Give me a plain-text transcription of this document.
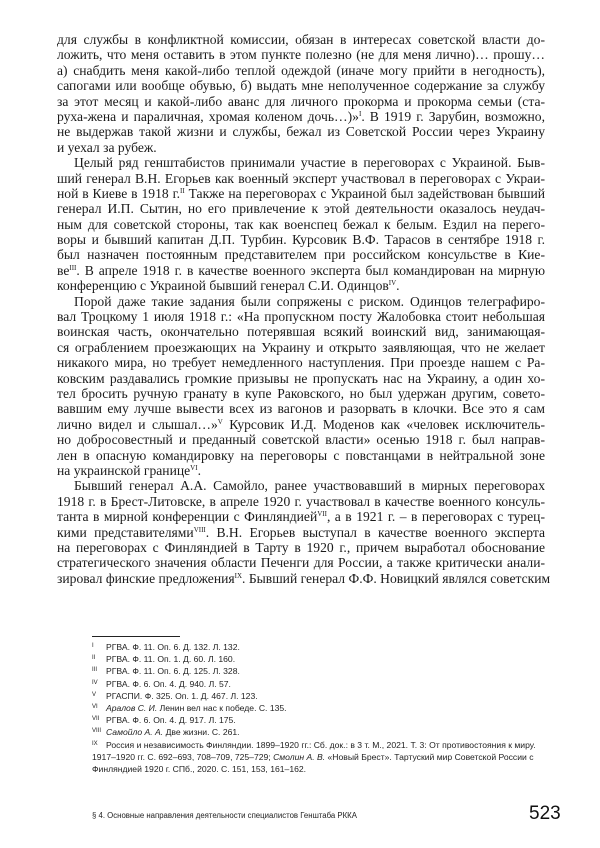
для службы в конфликтной комиссии, обязан в интересах советской власти до-
ложить, что меня оставить в этом пункте полезно (не для меня лично)… прошу…
а) снабдить меня какой-либо теплой одеждой (иначе могу прийти в негодность),
сапогами или вообще обувью, б) выдать мне неполученное содержание за службу
за этот месяц и какой-либо аванс для личного прокорма и прокорма семьи (ста-
руха-жена и параличная, хромая коленом дочь…)»$^I$. В 1919 г. Зарубин, возможно,
не выдержав такой жизни и службы, бежал из Советской России через Украину
и уехал за рубеж.
Целый ряд генштабистов принимали участие в переговорах с Украиной. Быв-
ший генерал В.Н. Егорьев как военный эксперт участвовал в переговорах с Украи-
ной в Киеве в 1918 г.$^{II}$ Также на переговорах с Украиной был задействован бывший
генерал И.П. Сытин, но его привлечение к этой деятельности оказалось неудач-
ным для советской стороны, так как военспец бежал к белым. Ездил на перего-
воры и бывший капитан Д.П. Турбин. Курсовик В.Ф. Тарасов в сентябре 1918 г.
был назначен постоянным представителем при российском консульстве в Кие-
$ве^{III}$. В апреле 1918 г. в качестве военного эксперта был командирован на мирную
конференцию с Украиной бывший генерал С.И. Одинцов$^{IV}$.
Порой даже такие задания были сопряжены с риском. Одинцов телеграфиро-
вал Троцкому 1 июля 1918 г.: «На пропускном посту Жалобовка стоит небольшая
воинская часть, окончательно потерявшая всякий воинский вид, занимающая-
ся ограблением проезжающих на Украину и открыто заявляющая, что не желает
никакого мира, но требует немедленного наступления. При проезде нашем с Ра-
ковским раздавались громкие призывы не пропускать нас на Украину, а один хо-
тел бросить ручную гранату в купе Раковского, но был удержан другим, совето-
вавшим ему лучше вывести всех из вагонов и разорвать в клочки. Все это я сам
лично видел и слышал…»$^V$ Курсовик И.Д. Моденов как «человек исключитель-
но добросовестный и преданный советской власти» осенью 1918 г. был направ-
лен в опасную командировку на переговоры с повстанцами в нейтральной зоне
на украинской границе$^{VI}$.
Бывший генерал А.А. Самойло, ранее участвовавший в мирных переговорах
1918 г. в Брест-Литовске, в апреле 1920 г. участвовал в качестве военного консуль-
танта в мирной конференции с Финляндией$^{VII}$, а в 1921 г. – в переговорах с турец-
кими представителями$^{VIII}$. В.Н. Егорьев выступал в качестве военного эксперта
на переговорах с Финляндией в Тарту в 1920 г., причем выработал обоснование
стратегического значения области Печенги для России, а также критически анали-
зировал финские предложения$^{IX}$. Бывший генерал Ф.Ф. Новицкий являлся советским
I РГВА. Ф. 11. Оп. 6. Д. 132. Л. 132.
II РГВА. Ф. 11. Оп. 1. Д. 60. Л. 160.
III РГВА. Ф. 11. Оп. 6. Д. 125. Л. 328.
IV РГВА. Ф. 6. Оп. 4. Д. 940. Л. 57.
V РГАСПИ. Ф. 325. Оп. 1. Д. 467. Л. 123.
VI Аралов С. И. Ленин вел нас к победе. С. 135.
VII РГВА. Ф. 6. Оп. 4. Д. 917. Л. 175.
VIII Самойло А. А. Две жизни. С. 261.
IX Россия и независимость Финляндии. 1899–1920 гг.: Сб. док.: в 3 т. М., 2021. Т. 3: От противостояния к миру. 1917–1920 гг. С. 692–693, 708–709, 725–729; Смолин А. В. «Новый Брест». Тартуский мир Советской России с Финляндией 1920 г. СПб., 2020. С. 151, 153, 161–162.
§ 4. Основные направления деятельности специалистов Генштаба РККА	523
